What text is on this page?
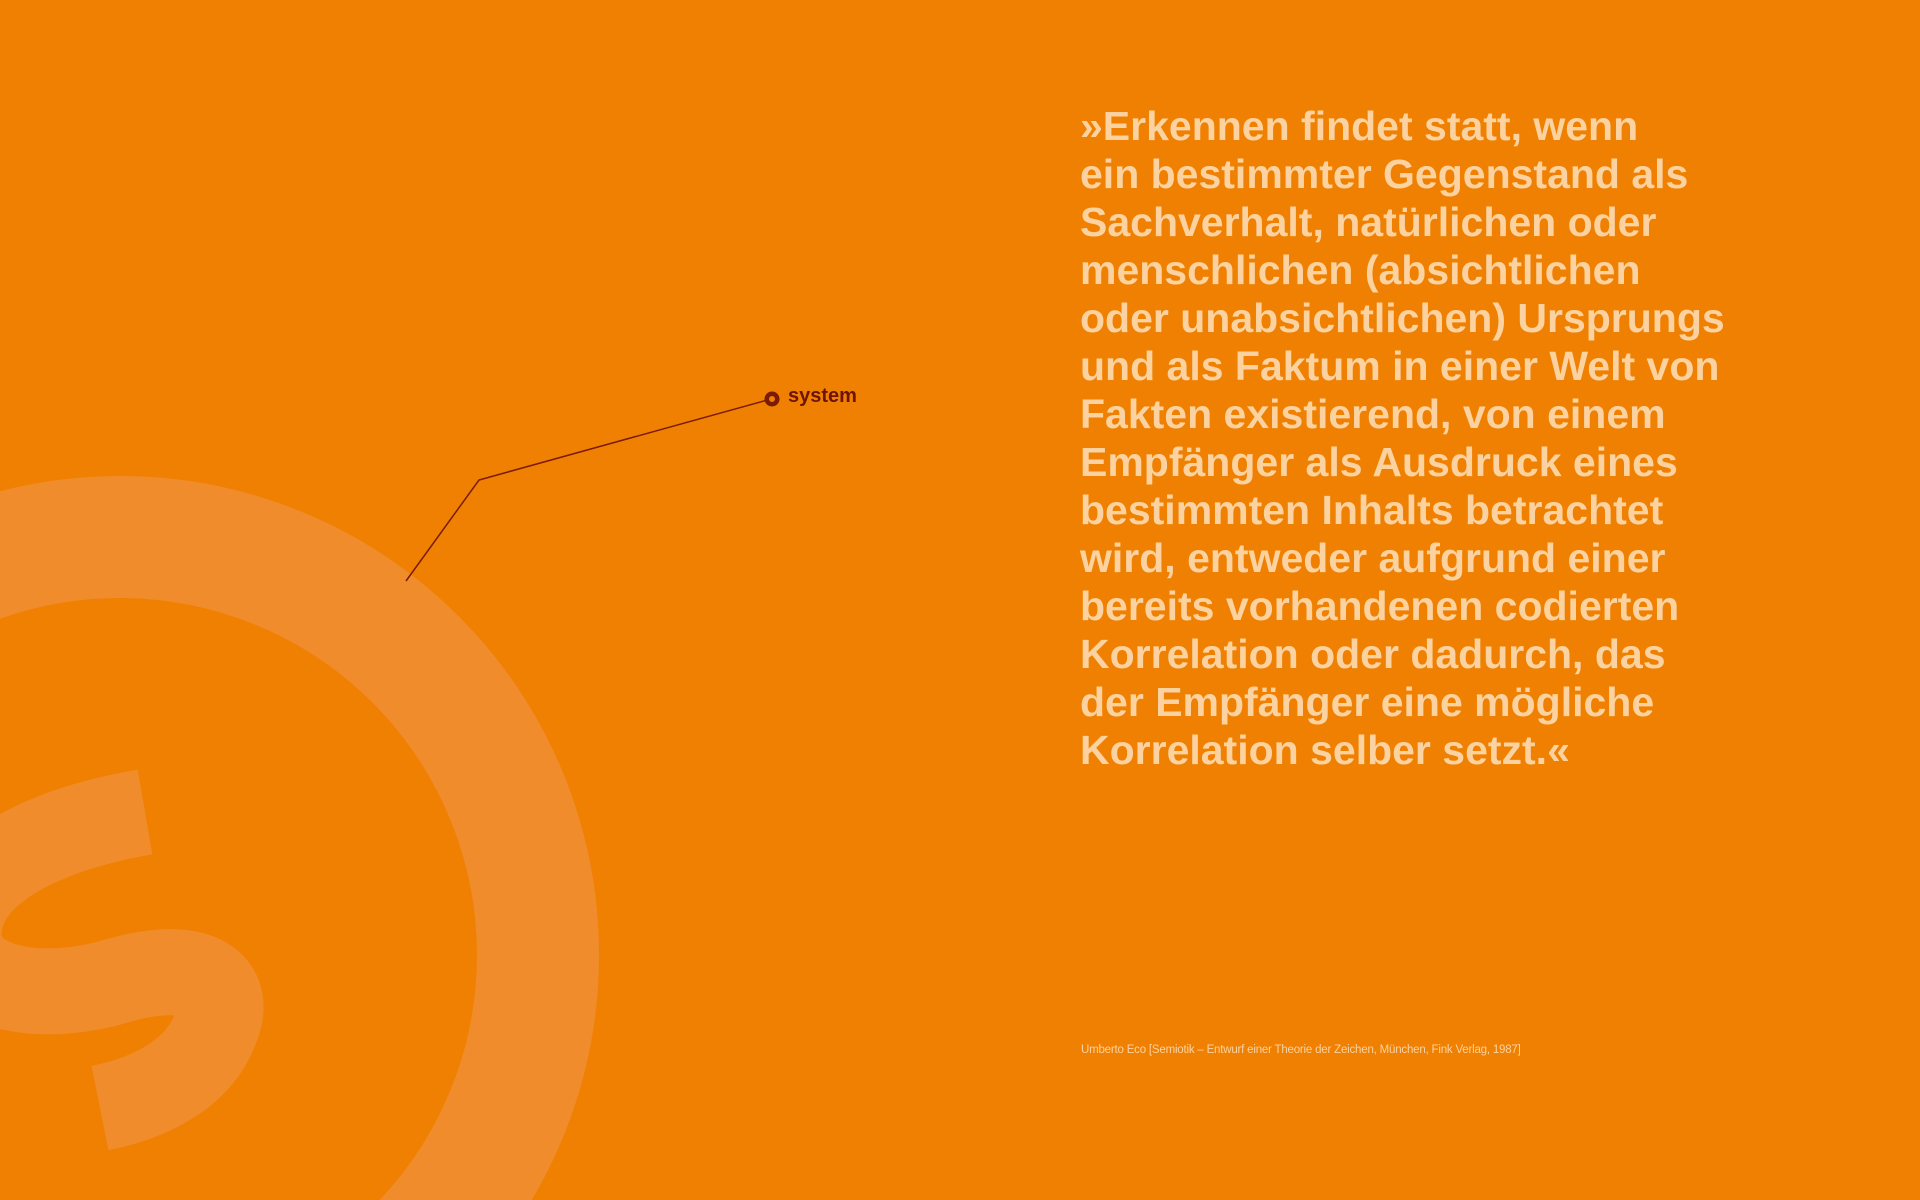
system

»Erkennen findet statt, wenn
ein bestimmter Gegenstand als
Sachverhalt, natürlichen oder
menschlichen (absichtlichen
oder unabsichtlichen) Ursprungs
und als Faktum in einer Welt von
Fakten existierend, von einem
Empfänger als Ausdruck eines
bestimmten Inhalts betrachtet
wird, entweder aufgrund einer
bereits vorhandenen codierten
Korrelation oder dadurch, das
der Empfänger eine mögliche
Korrelation selber setzt.«

Umberto Eco [Semiotik – Entwurf einer Theorie der Zeichen, München, Fink Verlag, 1987]
